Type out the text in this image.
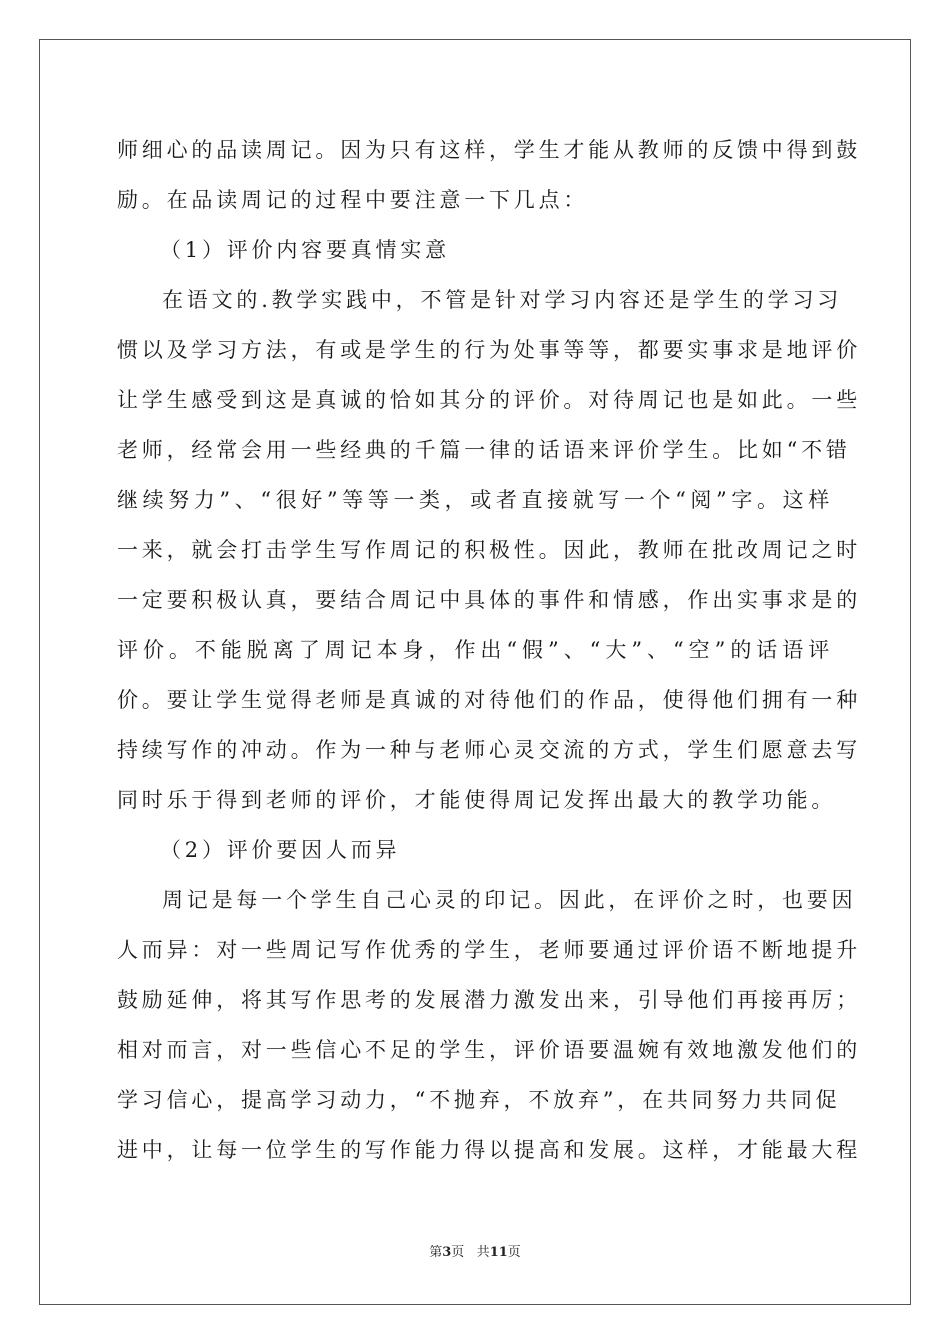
师细心的品读周记。因为只有这样，学生才能从教师的反馈中得到鼓
励。在品读周记的过程中要注意一下几点：
（1）评价内容要真情实意
在语文的.教学实践中，不管是针对学习内容还是学生的学习习
惯以及学习方法，有或是学生的行为处事等等，都要实事求是地评价
让学生感受到这是真诚的恰如其分的评价。对待周记也是如此。一些
老师，经常会用一些经典的千篇一律的话语来评价学生。比如“不错
继续努力”、“很好”等等一类，或者直接就写一个“阅”字。这样
一来，就会打击学生写作周记的积极性。因此，教师在批改周记之时
一定要积极认真，要结合周记中具体的事件和情感，作出实事求是的
评价。不能脱离了周记本身，作出“假”、“大”、“空”的话语评
价。要让学生觉得老师是真诚的对待他们的作品，使得他们拥有一种
持续写作的冲动。作为一种与老师心灵交流的方式，学生们愿意去写
同时乐于得到老师的评价，才能使得周记发挥出最大的教学功能。
（2）评价要因人而异
周记是每一个学生自己心灵的印记。因此，在评价之时，也要因
人而异：对一些周记写作优秀的学生，老师要通过评价语不断地提升
鼓励延伸，将其写作思考的发展潜力激发出来，引导他们再接再厉；
相对而言，对一些信心不足的学生，评价语要温婉有效地激发他们的
学习信心，提高学习动力，“不抛弃，不放弃”，在共同努力共同促
进中，让每一位学生的写作能力得以提高和发展。这样，才能最大程
第3页 共11页
